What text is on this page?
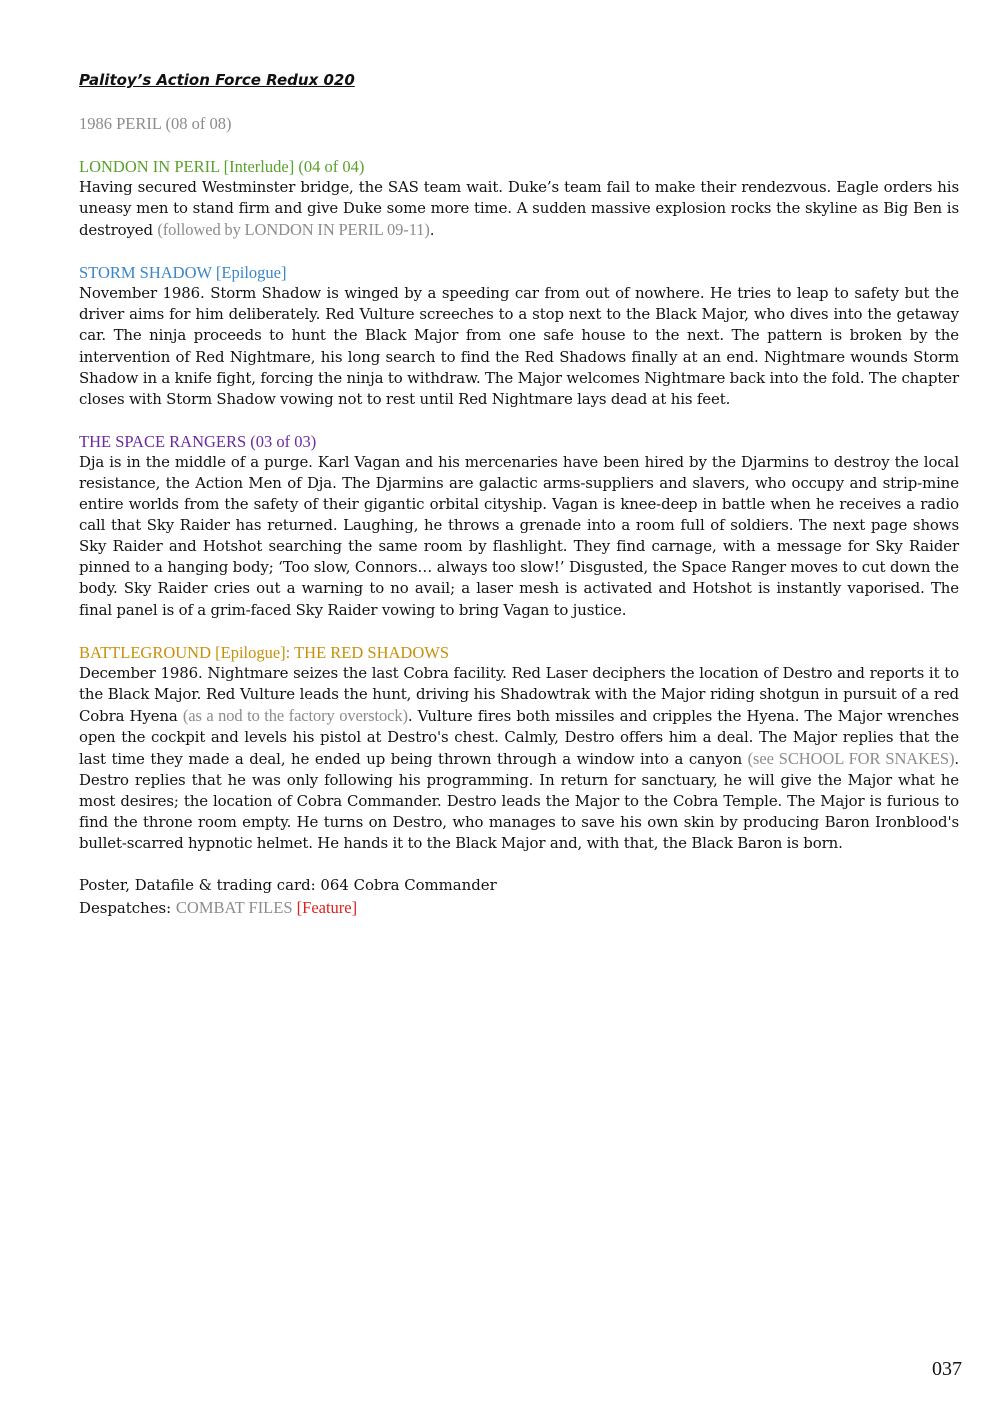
Palitoy’s Action Force Redux 020
1986 PERIL (08 of 08)
LONDON IN PERIL [Interlude] (04 of 04)
Having secured Westminster bridge, the SAS team wait. Duke’s team fail to make their rendezvous. Eagle orders his uneasy men to stand firm and give Duke some more time. A sudden massive explosion rocks the skyline as Big Ben is destroyed (followed by LONDON IN PERIL 09-11).
STORM SHADOW [Epilogue]
November 1986. Storm Shadow is winged by a speeding car from out of nowhere. He tries to leap to safety but the driver aims for him deliberately. Red Vulture screeches to a stop next to the Black Major, who dives into the getaway car. The ninja proceeds to hunt the Black Major from one safe house to the next. The pattern is broken by the intervention of Red Nightmare, his long search to find the Red Shadows finally at an end. Nightmare wounds Storm Shadow in a knife fight, forcing the ninja to withdraw. The Major welcomes Nightmare back into the fold. The chapter closes with Storm Shadow vowing not to rest until Red Nightmare lays dead at his feet.
THE SPACE RANGERS (03 of 03)
Dja is in the middle of a purge. Karl Vagan and his mercenaries have been hired by the Djarmins to destroy the local resistance, the Action Men of Dja. The Djarmins are galactic arms-suppliers and slavers, who occupy and strip-mine entire worlds from the safety of their gigantic orbital cityship. Vagan is knee-deep in battle when he receives a radio call that Sky Raider has returned. Laughing, he throws a grenade into a room full of soldiers. The next page shows Sky Raider and Hotshot searching the same room by flashlight. They find carnage, with a message for Sky Raider pinned to a hanging body; ‘Too slow, Connors… always too slow!’ Disgusted, the Space Ranger moves to cut down the body. Sky Raider cries out a warning to no avail; a laser mesh is activated and Hotshot is instantly vaporised. The final panel is of a grim-faced Sky Raider vowing to bring Vagan to justice.
BATTLEGROUND [Epilogue]: THE RED SHADOWS
December 1986. Nightmare seizes the last Cobra facility. Red Laser deciphers the location of Destro and reports it to the Black Major. Red Vulture leads the hunt, driving his Shadowtrak with the Major riding shotgun in pursuit of a red Cobra Hyena (as a nod to the factory overstock). Vulture fires both missiles and cripples the Hyena. The Major wrenches open the cockpit and levels his pistol at Destro's chest. Calmly, Destro offers him a deal. The Major replies that the last time they made a deal, he ended up being thrown through a window into a canyon (see SCHOOL FOR SNAKES). Destro replies that he was only following his programming. In return for sanctuary, he will give the Major what he most desires; the location of Cobra Commander. Destro leads the Major to the Cobra Temple. The Major is furious to find the throne room empty. He turns on Destro, who manages to save his own skin by producing Baron Ironblood's bullet-scarred hypnotic helmet. He hands it to the Black Major and, with that, the Black Baron is born.
Poster, Datafile & trading card: 064 Cobra Commander
Despatches: COMBAT FILES [Feature]
037
